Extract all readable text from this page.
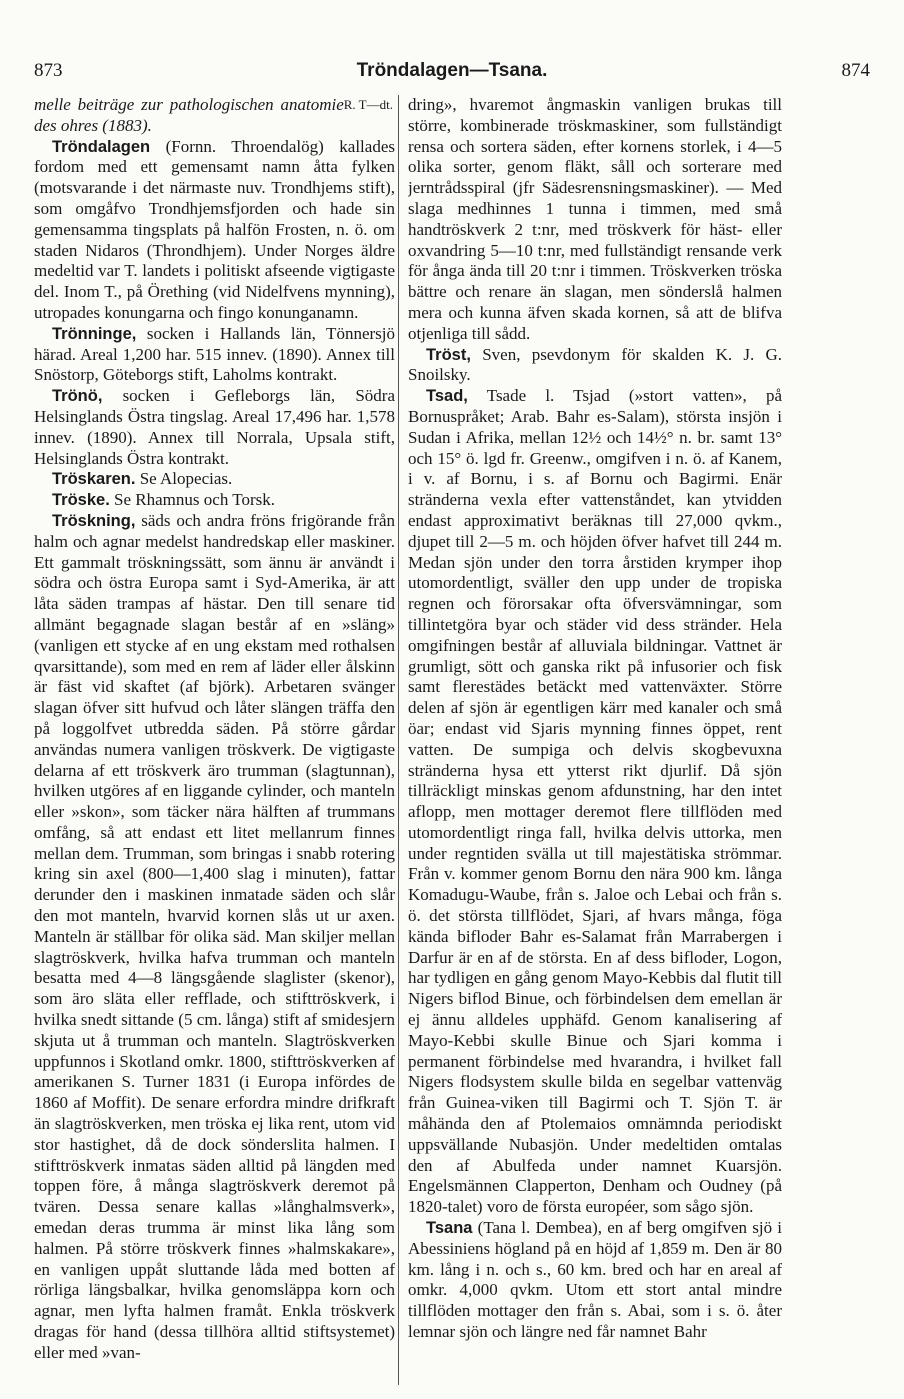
873	Tröndalagen—Tsana.	874

R. T—dt.
melle beiträge zur pathologischen anatomie des ohres (1883).

Tröndalagen (Fornn. Throendalög) kallades fordom med ett gemensamt namn åtta fylken (motsvarande i det närmaste nuv. Trondhjems stift), som omgåfvo Trondhjemsfjorden och hade sin gemensamma tingsplats på halfön Frosten, n. ö. om staden Nidaros (Throndhjem). Under Norges äldre medeltid var T. landets i politiskt afseende vigtigaste del. Inom T., på Örething (vid Nidelfvens mynning), utropades konungarna och fingo konunganamn.

Trönninge, socken i Hallands län, Tönnersjö härad. Areal 1,200 har. 515 innev. (1890). Annex till Snöstorp, Göteborgs stift, Laholms kontrakt.

Trönö, socken i Gefleborgs län, Södra Helsinglands Östra tingslag. Areal 17,496 har. 1,578 innev. (1890). Annex till Norrala, Upsala stift, Helsinglands Östra kontrakt.

Tröskaren. Se Alopecias.

Tröske. Se Rhamnus och Torsk.

Tröskning, säds och andra fröns frigörande från halm och agnar medelst handredskap eller maskiner. Ett gammalt tröskningssätt, som ännu är användt i södra och östra Europa samt i Syd-Amerika, är att låta säden trampas af hästar. Den till senare tid allmänt begagnade slagan består af en »släng» (vanligen ett stycke af en ung ekstam med rothalsen qvarsittande), som med en rem af läder eller ålskinn är fäst vid skaftet (af björk). Arbetaren svänger slagan öfver sitt hufvud och låter slängen träffa den på loggolfvet utbredda säden. På större gårdar användas numera vanligen tröskverk. De vigtigaste delarna af ett tröskverk äro trumman (slagtunnan), hvilken utgöres af en liggande cylinder, och manteln eller »skon», som täcker nära hälften af trummans omfång, så att endast ett litet mellanrum finnes mellan dem. Trumman, som bringas i snabb rotering kring sin axel (800—1,400 slag i minuten), fattar derunder den i maskinen inmatade säden och slår den mot manteln, hvarvid kornen slås ut ur axen. Manteln är ställbar för olika säd. Man skiljer mellan slagtröskverk, hvilka hafva trumman och manteln besatta med 4—8 längsgående slaglister (skenor), som äro släta eller refflade, och stifttröskverk, i hvilka snedt sittande (5 cm. långa) stift af smidesjern skjuta ut å trumman och manteln. Slagtröskverken uppfunnos i Skotland omkr. 1800, stifttröskverken af amerikanen S. Turner 1831 (i Europa infördes de 1860 af Moffit). De senare erfordra mindre drifkraft än slagtröskverken, men tröska ej lika rent, utom vid stor hastighet, då de dock sönderslita halmen. I stifttröskverk inmatas säden alltid på längden med toppen före, å många slagtröskverk deremot på tvären. Dessa senare kallas »långhalmsverk», emedan deras trumma är minst lika lång som halmen. På större tröskverk finnes »halmskakare», en vanligen uppåt sluttande låda med botten af rörliga längsbalkar, hvilka genomsläppa korn och agnar, men lyfta halmen framåt. Enkla tröskverk dragas för hand (dessa tillhöra alltid stiftsystemet) eller med »van-

dring», hvaremot ångmaskin vanligen brukas till större, kombinerade tröskmaskiner, som fullständigt rensa och sortera säden, efter kornens storlek, i 4—5 olika sorter, genom fläkt, såll och sorterare med jerntrådsspiral (jfr Sädesrensningsmaskiner). — Med slaga medhinnes 1 tunna i timmen, med små handtröskverk 2 t:nr, med tröskverk för häst- eller oxvandring 5—10 t:nr, med fullständigt rensande verk för ånga ända till 20 t:nr i timmen. Tröskverken tröska bättre och renare än slagan, men sönderslå halmen mera och kunna äfven skada kornen, så att de blifva otjenliga till sådd.

Tröst, Sven, psevdonym för skalden K. J. G. Snoilsky.

Tsad, Tsade l. Tsjad (»stort vatten», på Bornuspråket; Arab. Bahr es-Salam), största insjön i Sudan i Afrika, mellan 12½ och 14½° n. br. samt 13° och 15° ö. lgd fr. Greenw., omgifven i n. ö. af Kanem, i v. af Bornu, i s. af Bornu och Bagirmi. Enär stränderna vexla efter vattenståndet, kan ytvidden endast approximativt beräknas till 27,000 qvkm., djupet till 2—5 m. och höjden öfver hafvet till 244 m. Medan sjön under den torra årstiden krymper ihop utomordentligt, sväller den upp under de tropiska regnen och förorsakar ofta öfversvämningar, som tillintetgöra byar och städer vid dess stränder. Hela omgifningen består af alluviala bildningar. Vattnet är grumligt, sött och ganska rikt på infusorier och fisk samt flerestädes betäckt med vattenväxter. Större delen af sjön är egentligen kärr med kanaler och små öar; endast vid Sjaris mynning finnes öppet, rent vatten. De sumpiga och delvis skogbevuxna stränderna hysa ett ytterst rikt djurlif. Då sjön tillräckligt minskas genom afdunstning, har den intet aflopp, men mottager deremot flere tillflöden med utomordentligt ringa fall, hvilka delvis uttorka, men under regntiden svälla ut till majestätiska strömmar. Från v. kommer genom Bornu den nära 900 km. långa Komadugu-Waube, från s. Jaloe och Lebai och från s. ö. det största tillflödet, Sjari, af hvars många, föga kända bifloder Bahr es-Salamat från Marrabergen i Darfur är en af de största. En af dess bifloder, Logon, har tydligen en gång genom Mayo-Kebbis dal flutit till Nigers biflod Binue, och förbindelsen dem emellan är ej ännu alldeles upphäfd. Genom kanalisering af Mayo-Kebbi skulle Binue och Sjari komma i permanent förbindelse med hvarandra, i hvilket fall Nigers flodsystem skulle bilda en segelbar vattenväg från Guinea-viken till Bagirmi och T. Sjön T. är måhända den af Ptolemaios omnämnda periodiskt uppsvällande Nubasjön. Under medeltiden omtalas den af Abulfeda under namnet Kuarsjön. Engelsmännen Clapperton, Denham och Oudney (på 1820-talet) voro de första européer, som sågo sjön.

Tsana (Tana l. Dembea), en af berg omgifven sjö i Abessiniens högland på en höjd af 1,859 m. Den är 80 km. lång i n. och s., 60 km. bred och har en areal af omkr. 4,000 qvkm. Utom ett stort antal mindre tillflöden mottager den från s. Abai, som i s. ö. åter lemnar sjön och längre ned får namnet Bahr
